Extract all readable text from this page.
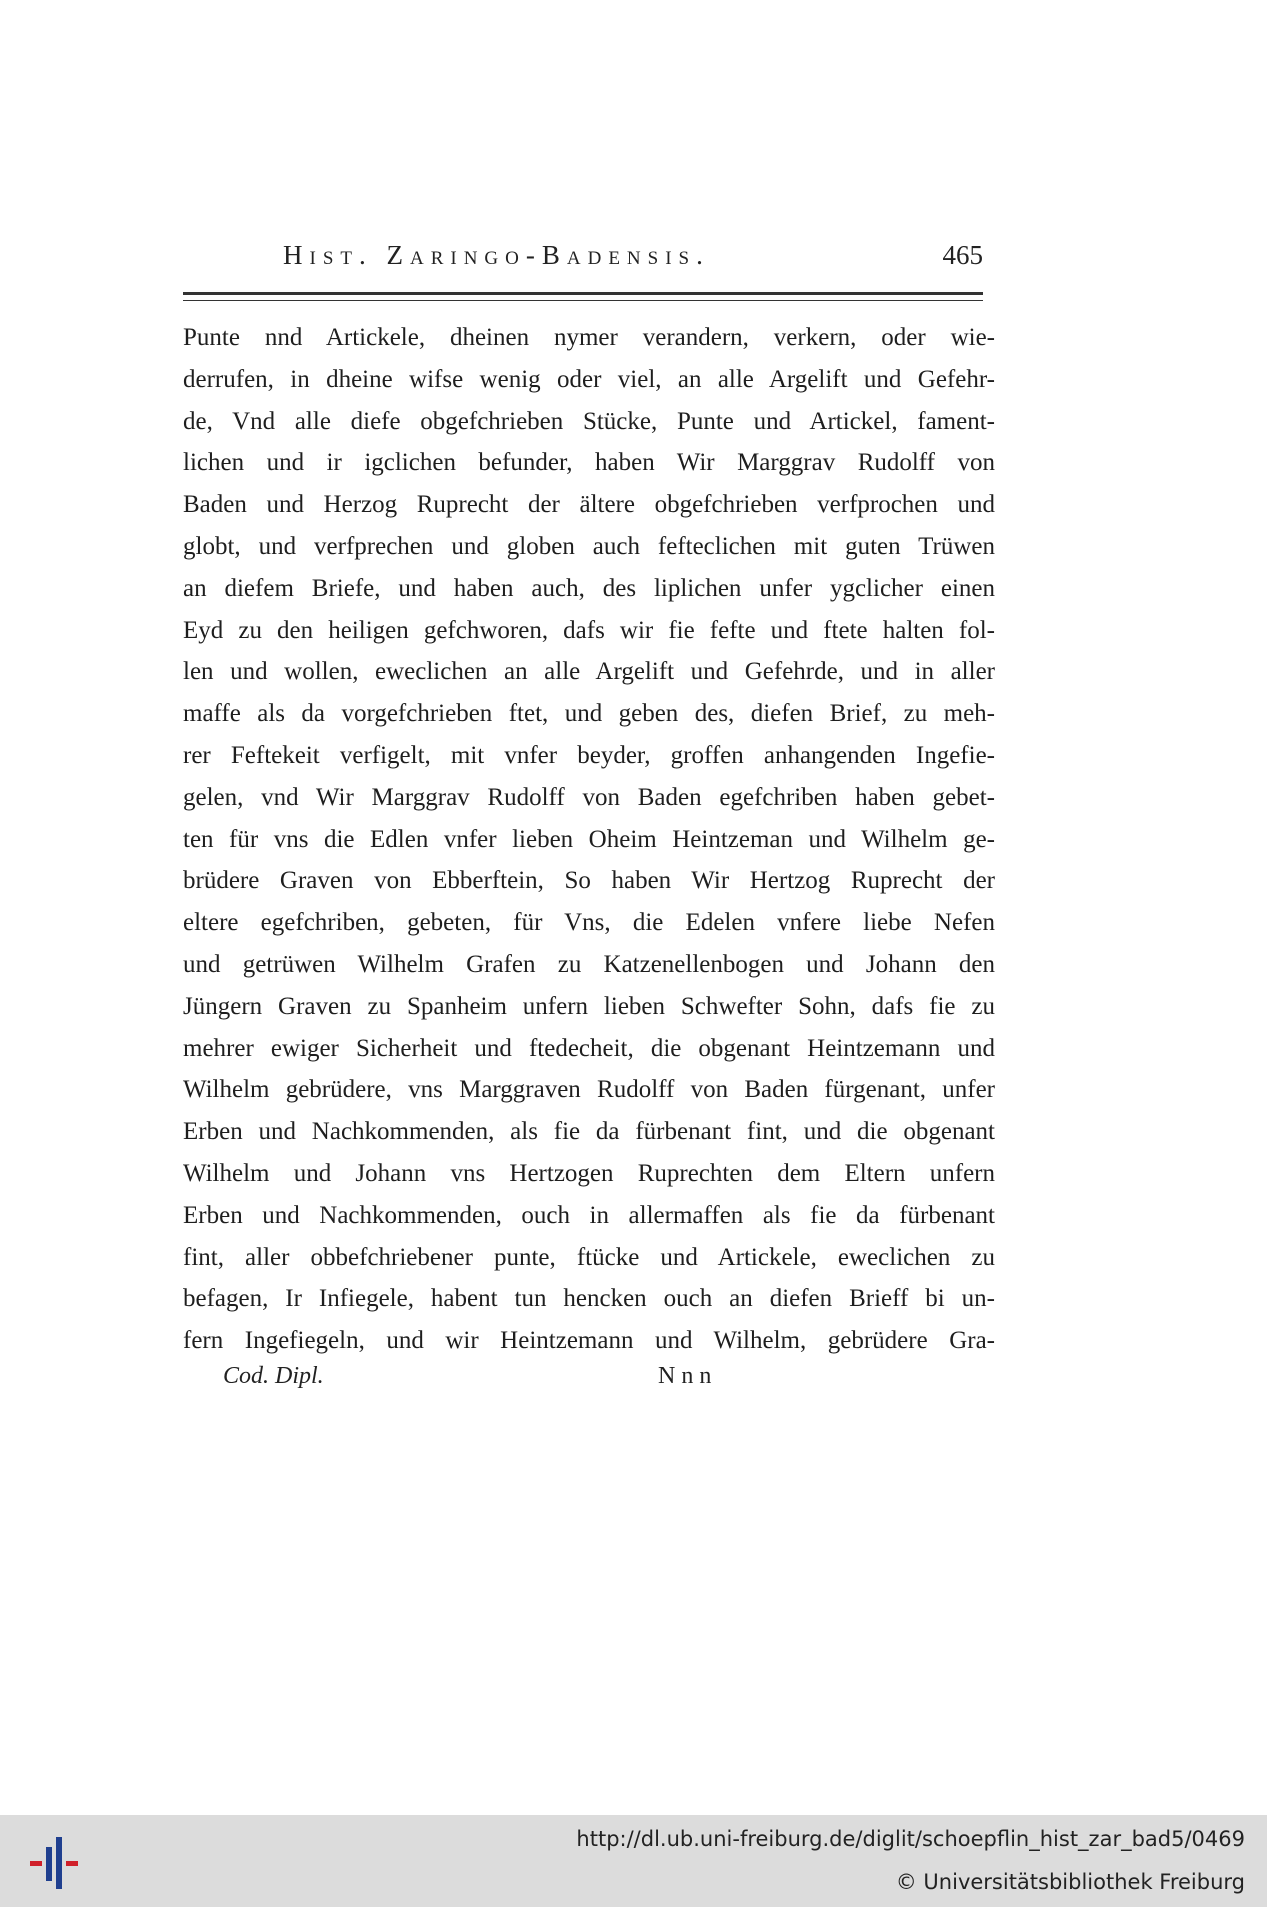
Hist. Zaringo-Badensis.	465
Punte nnd Artickele, dheinen nymer verandern, verkern, oder wie-
derrufen, in dheine wifse wenig oder viel, an alle Argelift und Gefehr-
de, Vnd alle diefe obgefchrieben Stücke, Punte und Artickel, fament-
lichen und ir igclichen befunder, haben Wir Marggrav Rudolff von
Baden und Herzog Ruprecht der ältere obgefchrieben verfprochen und
globt, und verfprechen und globen auch fefteclichen mit guten Trüwen
an diefem Briefe, und haben auch, des liplichen unfer ygclicher einen
Eyd zu den heiligen gefchworen, dafs wir fie fefte und ftete halten fol-
len und wollen, eweclichen an alle Argelift und Gefehrde, und in aller
maffe als da vorgefchrieben ftet, und geben des, diefen Brief, zu meh-
rer Feftekeit verfigelt, mit vnfer beyder, groffen anhangenden Ingefie-
gelen, vnd Wir Marggrav Rudolff von Baden egefchriben haben gebet-
ten für vns die Edlen vnfer lieben Oheim Heintzeman und Wilhelm ge-
brüdere Graven von Ebberftein, So haben Wir Hertzog Ruprecht der
eltere egefchriben, gebeten, für Vns, die Edelen vnfere liebe Nefen
und getrüwen Wilhelm Grafen zu Katzenellenbogen und Johann den
Jüngern Graven zu Spanheim unfern lieben Schwefter Sohn, dafs fie zu
mehrer ewiger Sicherheit und ftedecheit, die obgenant Heintzemann und
Wilhelm gebrüdere, vns Marggraven Rudolff von Baden fürgenant, unfer
Erben und Nachkommenden, als fie da fürbenant fint, und die obgenant
Wilhelm und Johann vns Hertzogen Ruprechten dem Eltern unfern
Erben und Nachkommenden, ouch in allermaffen als fie da fürbenant
fint, aller obbefchriebener punte, ftücke und Artickele, eweclichen zu
befagen, Ir Infiegele, habent tun hencken ouch an diefen Brieff bi un-
fern Ingefiegeln, und wir Heintzemann und Wilhelm, gebrüdere Gra-
Cod. Dipl.	Nnn
http://dl.ub.uni-freiburg.de/diglit/schoepflin_hist_zar_bad5/0469
© Universitätsbibliothek Freiburg
